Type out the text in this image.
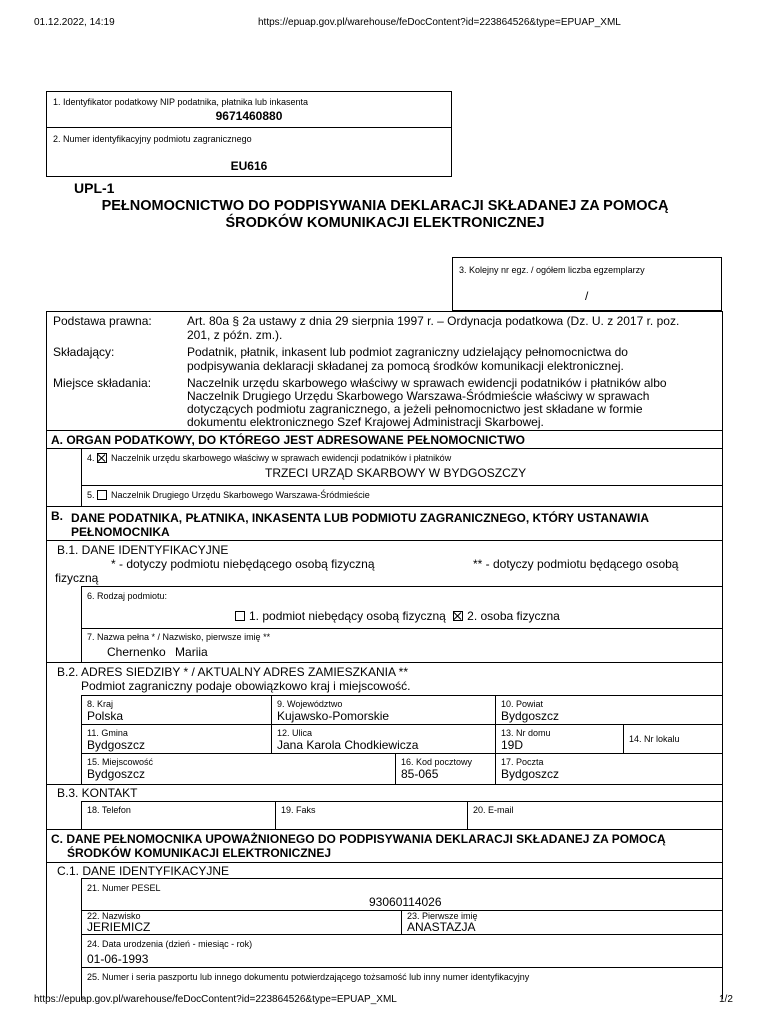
01.12.2022, 14:19	https://epuap.gov.pl/warehouse/feDocContent?id=223864526&type=EPUAP_XML
1. Identyfikator podatkowy NIP podatnika, płatnika lub inkasenta
9671460880
2. Numer identyfikacyjny podmiotu zagranicznego
EU616
UPL-1
PEŁNOMOCNICTWO DO PODPISYWANIA DEKLARACJI SKŁADANEJ ZA POMOCĄ
ŚRODKÓW KOMUNIKACJI ELEKTRONICZNEJ
3. Kolejny nr egz. / ogółem liczba egzemplarzy
/
Podstawa prawna:	Art. 80a § 2a ustawy z dnia 29 sierpnia 1997 r. – Ordynacja podatkowa (Dz. U. z 2017 r. poz.
201, z późn. zm.).
Składający:	Podatnik, płatnik, inkasent lub podmiot zagraniczny udzielający pełnomocnictwa do
podpisywania deklaracji składanej za pomocą środków komunikacji elektronicznej.
Miejsce składania:	Naczelnik urzędu skarbowego właściwy w sprawach ewidencji podatników i płatników albo
Naczelnik Drugiego Urzędu Skarbowego Warszawa-Śródmieście właściwy w sprawach
dotyczących podmiotu zagranicznego, a jeżeli pełnomocnictwo jest składane w formie
dokumentu elektronicznego Szef Krajowej Administracji Skarbowej.
A. ORGAN PODATKOWY, DO KTÓREGO JEST ADRESOWANE PEŁNOMOCNICTWO
4. Naczelnik urzędu skarbowego właściwy w sprawach ewidencji podatników i płatników
TRZECI URZĄD SKARBOWY W BYDGOSZCZY
5. Naczelnik Drugiego Urzędu Skarbowego Warszawa-Śródmieście
B. DANE PODATNIKA, PŁATNIKA, INKASENTA LUB PODMIOTU ZAGRANICZNEGO, KTÓRY USTANAWIA
PEŁNOMOCNIKA
B.1. DANE IDENTYFIKACYJNE
* - dotyczy podmiotu niebędącego osobą fizyczną	** - dotyczy podmiotu będącego osobą
fizyczną
6. Rodzaj podmiotu:
1. podmiot niebędący osobą fizyczną 2. osoba fizyczna
7. Nazwa pełna * / Nazwisko, pierwsze imię **
Chernenko Mariia
B.2. ADRES SIEDZIBY * / AKTUALNY ADRES ZAMIESZKANIA **
Podmiot zagraniczny podaje obowiązkowo kraj i miejscowość.
8. Kraj
Polska
9. Województwo
Kujawsko-Pomorskie
10. Powiat
Bydgoszcz
11. Gmina
Bydgoszcz
12. Ulica
Jana Karola Chodkiewicza
13. Nr domu
19D	14. Nr lokalu
15. Miejscowość
Bydgoszcz
16. Kod pocztowy
85-065
17. Poczta
Bydgoszcz
B.3. KONTAKT
18. Telefon	19. Faks	20. E-mail
C. DANE PEŁNOMOCNIKA UPOWAŻNIONEGO DO PODPISYWANIA DEKLARACJI SKŁADANEJ ZA POMOCĄ
ŚRODKÓW KOMUNIKACJI ELEKTRONICZNEJ
C.1. DANE IDENTYFIKACYJNE
21. Numer PESEL
93060114026
22. Nazwisko
JERIEMICZ
23. Pierwsze imię
ANASTAZJA
24. Data urodzenia (dzień - miesiąc - rok)
01-06-1993
25. Numer i seria paszportu lub innego dokumentu potwierdzającego tożsamość lub inny numer identyfikacyjny
https://epuap.gov.pl/warehouse/feDocContent?id=223864526&type=EPUAP_XML	1/2
